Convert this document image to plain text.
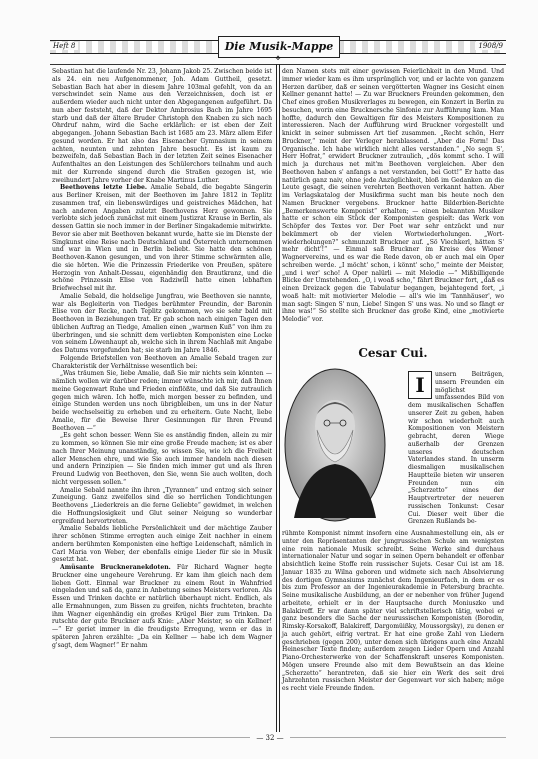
Heft 8	Die Musik-Mappe	1908/9
✥

Sebastian hat die laufende Nr. 23, Johann Jakob 25. Zwischen beide ist als 24. ein neu Aufgenommener, Joh. Adam Guttheil, gesetzt. Sebastian Bach hat aber in diesem Jahre 103mal gefehlt, von da an verschwindet sein Name aus den Verzeichnissen, doch ist er außerdem wieder auch nicht unter den Abgegangenen aufgeführt. Da nun aber feststeht, daß der Dektor Ambrosius Bach im Jahre 1695 starb und daß der ältere Bruder Christoph den Knaben zu sich nach Ohrdruf nahm, wird die Sache erklärlich: er ist eben der Zeit abgegangen. Johann Sebastian Bach ist 1685 am 23. März allem Eifer gesund worden. Er hat also das Eisenacher Gymnasium in seinem achten, neunten und zehnten Jahre besucht. Es ist kaum zu bezweifeln, daß Sebastian Bach in der letzten Zeit seines Eisenacher Aufenthaltes an den Leistungen des Schülerchors teilnahm und auch mit der Kurrende singend durch die Straßen gezogen ist, wie zweihundert Jahre vorher der Knabe Martinus Luther.

Beethovens letzte Liebe. Amalie Sebald, die begabte Sängerin aus Berliner Kreisen, mit der Beethoven im Jahre 1812 in Teplitz zusammen traf, ein liebenswürdiges und geistreiches Mädchen, hat nach anderen Angaben zuletzt Beethovens Herz gewonnen. Sie verlobte sich jedoch zunächst mit einem Justizrat Krause in Berlin, als dessen Gattin sie noch immer in der Berliner Singakademie mitwirkte. Bevor sie aber mit Beethoven bekannt wurde, hatte sie im Dienste der Singkunst eine Reise nach Deutschland und Österreich unternommen und war in Wien und in Berlin beliebt. Sie hatte den schönen Beethoven-Kanon gesungen, und von ihrer Stimme schwärmten alle, die sie hörten. Wie die Prinzessin Friederike von Preußen, spätere Herzogin von Anhalt-Dessau, eigenhändig den Brautkranz, und die schöne Prinzessin Elise von Radziwill hatte einen lebhaften Briefwechsel mit ihr.

Amalie Sebald, die holdselige Jungfrau, wie Beethoven sie nannte, war als Begleiterin von Tiedges berühmter Freundin, der Baronin Elise von der Recke, nach Teplitz gekommen, wo sie sehr bald mit Beethoven in Beziehungen trat. Er gab schon nach einigen Tagen den üblichen Auftrag an Tiedge, Amalien einen „warmen Kuß“ von ihm zu überbringen, und sie schnitt dem verliebten Komponisten eine Locke von seinem Löwenhaupt ab, welche sich in ihrem Nachlaß mit Angabe des Datums vorgefunden hat; sie starb im Jahre 1846.

Folgende Briefstellen von Beethoven an Amalie Sebald tragen zur Charakteristik der Verhältnisse wesentlich bei:

„Was träumen Sie, liebe Amalie, daß Sie mir nichts sein könnten — nämlich wollen wir darüber reden; immer wünschte ich mir, daß Ihnen meine Gegenwart Ruhe und Frieden einflößte, und daß Sie zutraulich gegen mich wären. Ich hoffe, mich morgen besser zu befinden, und einige Stunden werden uns noch übrigbleiben, um uns in der Natur beide wechselseitig zu erheben und zu erheitern. Gute Nacht, liebe Amalie, für die Beweise Ihrer Gesinnungen für Ihren Freund Beethoven —“

„Es geht schon besser. Wenn Sie es anständig finden, allein zu mir zu kommen, so können Sie mir eine große Freude machen; ist es aber nach Ihrer Meinung unanständig, so wissen Sie, wie ich die Freiheit aller Menschen ehre, und wie Sie auch immer handeln nach diesen und andern Prinzipien — Sie finden mich immer gut und als Ihren Freund Ludwig von Beethoven, den Sie, wenn Sie auch wollten, doch nicht vergessen sollen.“

Amalie Sebald nannte ihn ihren „Tyrannen“ und entzog sich seiner Zuneigung. Ganz zweifellos sind die so herrlichen Tondichtungen Beethovens „Liederkreis an die ferne Geliebte“ gewidmet, in welchen die Hoffnungslosigkeit und Glut seiner Neigung so wunderbar ergreifend hervortreten.

Amalie Sebalds liebliche Persönlichkeit und der mächtige Zauber ihrer schönen Stimme erregten auch einige Zeit nachher in einem andern berühmten Komponisten eine heftige Leidenschaft, nämlich in Carl Maria von Weber, der ebenfalls einige Lieder für sie in Musik gesetzt hat.

Amüsante Bruckneranekdoten. Für Richard Wagner hegte Bruckner eine ungeheure Verehrung. Er kam ihm gleich nach dem lieben Gott. Einmal war Bruckner zu einem Rout in Wahnfried eingeladen und saß da, ganz in Anbetung seines Meisters verloren. Als Essen und Trinken dachte er natürlich überhaupt nicht. Endlich, als alle Ermahnungen, zum Bissen zu greifen, nichts fruchteten, brachte ihm Wagner eigenhändig ein großes Krügel Bier zum Trinken. Da rutschte der gute Bruckner aufs Knie: „Aber Meister, so ein Kellner! —“ Er geriet immer in die freudigste Erregung, wenn er das in späteren Jahren erzählte: „Da ein Kellner — habe ich dem Wagner g'sagt, dem Wagner!“ Er nahm

den Namen stets mit einer gewissen Feierlichkeit in den Mund. Und immer wieder kam es ihm ursprünglich vor, und er lachte von ganzem Herzen darüber, daß er seinen vergötterten Wagner ins Gesicht einen Kellner genannt hatte! — Zu war Bruckners Freunden gekommen, den Chef eines großen Musikverlages zu bewegen, ein Konzert in Berlin zu besuchen, worin eine Brucknersche Sinfonie zur Aufführung kam. Man hoffte, dadurch den Gewaltigen für des Meisters Kompositionen zu interessieren. Nach der Aufführung wird Bruckner vorgestellt und knickt in seiner submissen Art tief zusammen. „Recht schön, Herr Bruckner,“ meint der Verleger herablassend. „Aber die Form! Das Organische. Ich habe wirklich nicht alles verstanden.“ „No segn S', Herr Hofrat,“ erwidert Bruckner zutraulich, „dös kommt scho. I will mich ja durchaus net mit'm Beethoven vergleichen. Aber den Beethoven haben s' anfangs a net verstanden, bei Gott!“ Er hatte das natürlich ganz naiv, ohne jede Anzüglichkeit, bloß im Gedanken an die Leute gesagt, die seinen verehrten Beethoven verkannt hatten. Aber im Verlagskatalog der Musikfirma sucht man bis heute noch den Namen Bruckner vergebens. Bruckner hatte Bilderbien-Berichte „Bemerkenswerte Komponist“ erhalten; — einen bekannten Musiker hatte er schon ein Stück der Komponisten gespielt: das Werk von Schöpfer des Textes vor. Der Poet war sehr entzückt und nur bekümmert ob der vielen Wortwiederholungen. „Wort-wiederholungen?“ schmunzelt Bruckner auf. „Sö Viechkerl, hätten S' mehr dicht'!“ — Einmal saß Bruckner im Kreise des Wiener Wagnervereins, und es war die Rede davon, ob er auch mal ein Oper schreiben werde. „I möcht' schon, i könnt' scho,“ meinte der Meister, „und i wer' scho! A Oper nalürli — mit Melodie —“ Mißbilligende Blicke der Umstehenden. „O, i woaß scho,“ fährt Bruckner fort, „daß es einen Dreizack gegen die Tabulatur begangen, bejahtegend fort, „i woaß halt: mit motivierter Melodie — all's wie im 'Tannhäuser', wo man sagt: Singen S' nun, Liebe! Singen S' uns was. No und so fängt er ihne was!“ So stellte sich Bruckner das große Kind, eine „motivierte Melodie“ vor.

Cesar Cui.

I	unsern Beiträgen, unsern Freunden ein möglichst umfassendes Bild von dem musikalischen Schaffen unserer Zeit zu geben, haben wir schon wiederholt auch Kompositionen von Meistern gebracht, deren Wiege außerhalb der Grenzen unseres deutschen Vaterlandes stand. In unserm diesmaligen musikalischen Hauptteile bieten wir unseren Freunden nun ein „Scherzetto“ eines der Hauptvertreter der neueren russischen Tonkunst: Cesar Cui. Dieser weit über die Grenzen Rußlands be-

rühmte Komponist nimmt insofern eine Ausnahmestellung ein, als er unter den Repräsentanten der jungrussischen Schule am wenigsten eine rein nationale Musik schreibt. Seine Werke sind durchaus internationaler Natur und sogar in seinen Opern behandelt er offenbar absichtlich keine Stoffe rein russischer Sujets. Cesar Cui ist am 18. Januar 1835 zu Wilna geboren und widmete sich nach Absolvierung des dortigen Gymnasiums zunächst dem Ingenieurfach, in dem er es bis zum Professor an der Ingenieurakademie in Petersburg brachte. Seine musikalische Ausbildung, an der er nebenher von früher Jugend arbeitete, erhielt er in der Hauptsache durch Moniuszko und Balakireff. Er war dann später viel schriftstellerisch tätig, wobei er ganz besonders die Sache der neurussischen Komponisten (Borodin, Rimsky-Korsakoff, Balakireff, Dargomüißky, Moussorgsky), zu denen er ja auch gehört, eifrig vertrat. Er hat eine große Zahl von Liedern geschrieben (gegen 200), unter denen sich übrigens auch eine Anzahl Heinescher Texte finden; außerdem zeugen Lieder Opern und Anzahl Piano-Orchesterwerke von der Schaffenskraft unseres Komponisten. Mögen unsere Freunde also mit dem Bewußtsein an das kleine „Scherzetto“ herantreten, daß sie hier ein Werk des seit drei Jahrzehnten russischen Meister der Gegenwart vor sich haben; möge es recht viele Freunde finden.

— 32 —
